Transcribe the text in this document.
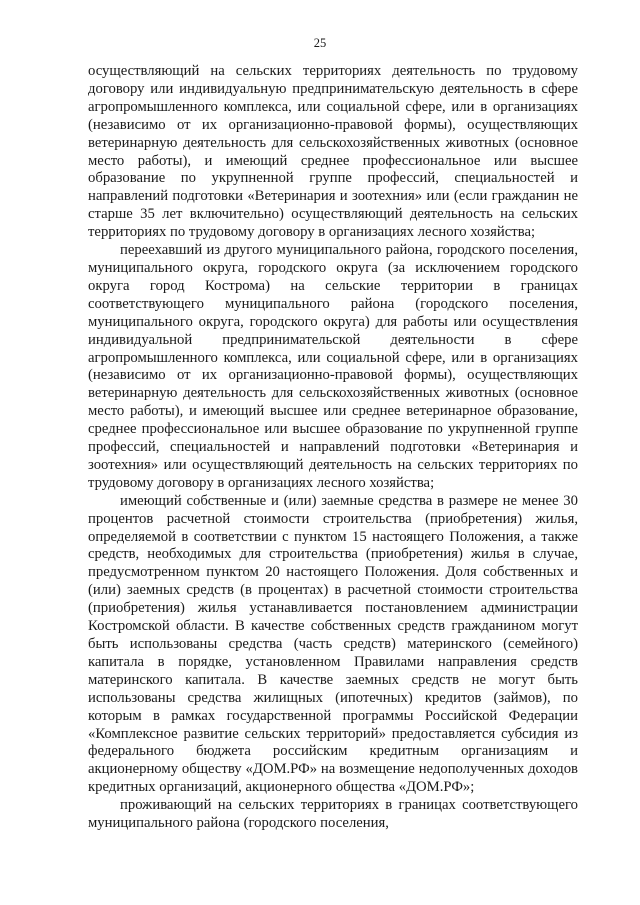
25

осуществляющий на сельских территориях деятельность по трудовому договору или индивидуальную предпринимательскую деятельность в сфере агропромышленного комплекса, или социальной сфере, или в организациях (независимо от их организационно-правовой формы), осуществляющих ветеринарную деятельность для сельскохозяйственных животных (основное место работы), и имеющий среднее профессиональное или высшее образование по укрупненной группе профессий, специальностей и направлений подготовки «Ветеринария и зоотехния» или (если гражданин не старше 35 лет включительно) осуществляющий деятельность на сельских территориях по трудовому договору в организациях лесного хозяйства;

переехавший из другого муниципального района, городского поселения, муниципального округа, городского округа (за исключением городского округа город Кострома) на сельские территории в границах соответствующего муниципального района (городского поселения, муниципального округа, городского округа) для работы или осуществления индивидуальной предпринимательской деятельности в сфере агропромышленного комплекса, или социальной сфере, или в организациях (независимо от их организационно-правовой формы), осуществляющих ветеринарную деятельность для сельскохозяйственных животных (основное место работы), и имеющий высшее или среднее ветеринарное образование, среднее профессиональное или высшее образование по укрупненной группе профессий, специальностей и направлений подготовки «Ветеринария и зоотехния» или осуществляющий деятельность на сельских территориях по трудовому договору в организациях лесного хозяйства;

имеющий собственные и (или) заемные средства в размере не менее 30 процентов расчетной стоимости строительства (приобретения) жилья, определяемой в соответствии с пунктом 15 настоящего Положения, а также средств, необходимых для строительства (приобретения) жилья в случае, предусмотренном пунктом 20 настоящего Положения. Доля собственных и (или) заемных средств (в процентах) в расчетной стоимости строительства (приобретения) жилья устанавливается постановлением администрации Костромской области. В качестве собственных средств гражданином могут быть использованы средства (часть средств) материнского (семейного) капитала в порядке, установленном Правилами направления средств материнского капитала. В качестве заемных средств не могут быть использованы средства жилищных (ипотечных) кредитов (займов), по которым в рамках государственной программы Российской Федерации «Комплексное развитие сельских территорий» предоставляется субсидия из федерального бюджета российским кредитным организациям и акционерному обществу «ДОМ.РФ» на возмещение недополученных доходов кредитных организаций, акционерного общества «ДОМ.РФ»;

проживающий на сельских территориях в границах соответствующего муниципального района (городского поселения,
